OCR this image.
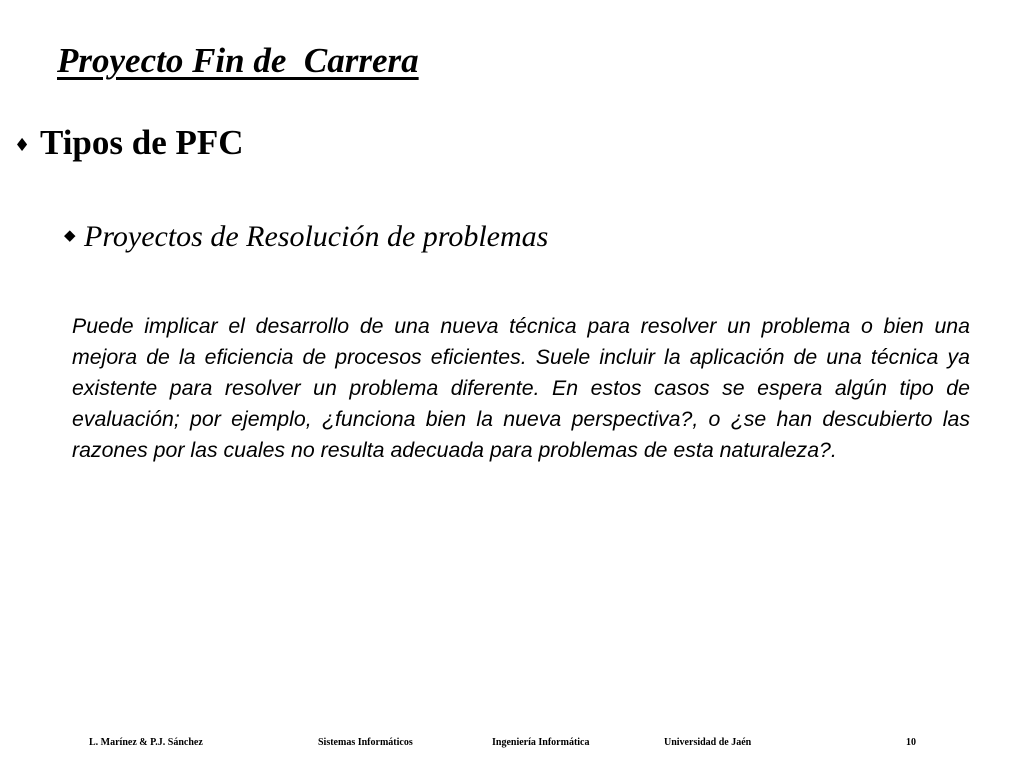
Proyecto Fin de  Carrera
♦ Tipos de PFC
◆ Proyectos de Resolución de problemas

Puede implicar el desarrollo de una nueva técnica para resolver un problema o bien una mejora de la eficiencia de procesos eficientes. Suele incluir la aplicación de una técnica ya existente para resolver un problema diferente. En estos casos se espera algún tipo de evaluación; por ejemplo, ¿funciona bien la nueva perspectiva?, o ¿se han descubierto las razones por las cuales no resulta adecuada para problemas de esta naturaleza?.

L. Marínez & P.J. Sánchez	Sistemas Informáticos	Ingeniería Informática	Universidad de Jaén	10
